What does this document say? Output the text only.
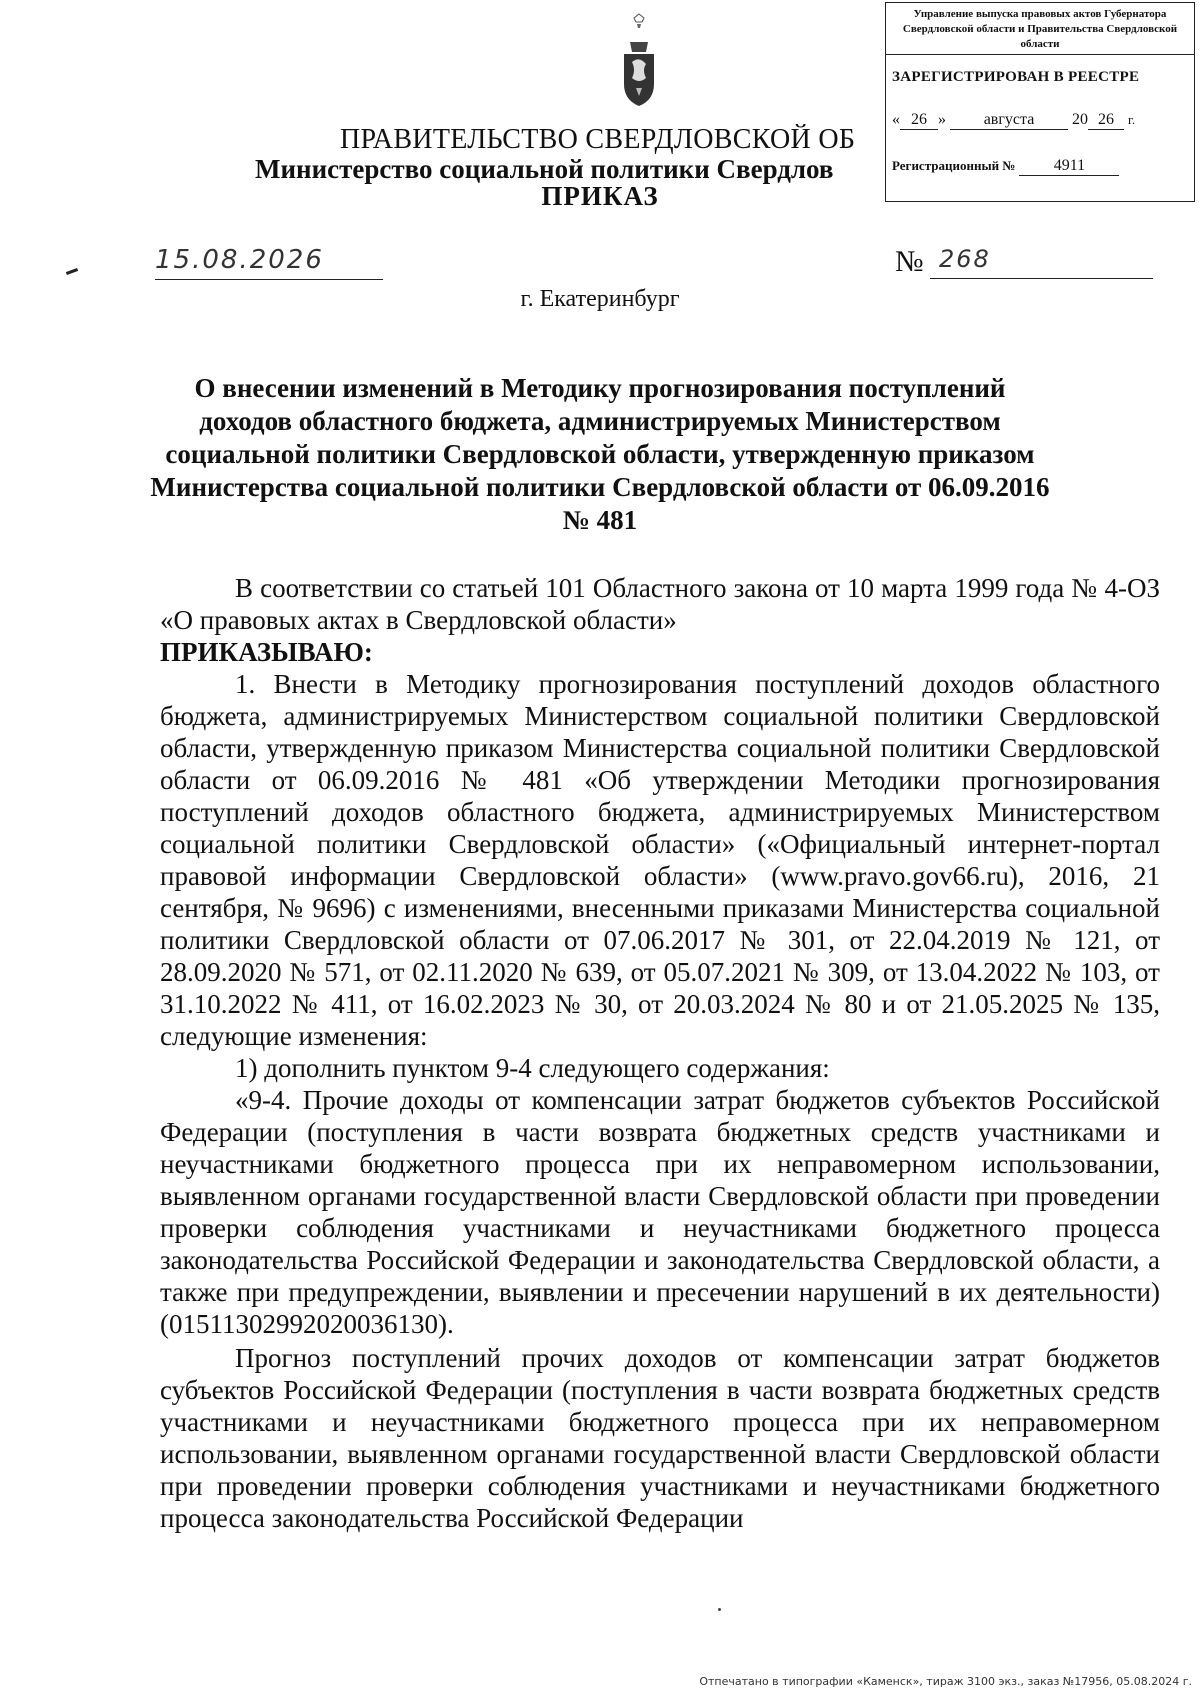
Управление выпуска правовых актов Губернатора Свердловской области и Правительства Свердловской области
ЗАРЕГИСТРИРОВАН В РЕЕСТРЕ
« 26 » августа 20 26 г.
Регистрационный № 4911
ПРАВИТЕЛЬСТВО СВЕРДЛОВСКОЙ ОБ
Министерство социальной политики Свердлов
ПРИКАЗ
15.08.2026	№ 268
г. Екатеринбург
О внесении изменений в Методику прогнозирования поступлений доходов областного бюджета, администрируемых Министерством социальной политики Свердловской области, утвержденную приказом Министерства социальной политики Свердловской области от 06.09.2016 № 481

В соответствии со статьей 101 Областного закона от 10 марта 1999 года № 4-ОЗ «О правовых актах в Свердловской области»

ПРИКАЗЫВАЮ:

1. Внести в Методику прогнозирования поступлений доходов областного бюджета, администрируемых Министерством социальной политики Свердловской области, утвержденную приказом Министерства социальной политики Свердловской области от 06.09.2016 № 481 «Об утверждении Методики прогнозирования поступлений доходов областного бюджета, администрируемых Министерством социальной политики Свердловской области» («Официальный интернет-портал правовой информации Свердловской области» (www.pravo.gov66.ru), 2016, 21 сентября, № 9696) с изменениями, внесенными приказами Министерства социальной политики Свердловской области от 07.06.2017 № 301, от 22.04.2019 № 121, от 28.09.2020 № 571, от 02.11.2020 № 639, от 05.07.2021 № 309, от 13.04.2022 № 103, от 31.10.2022 № 411, от 16.02.2023 № 30, от 20.03.2024 № 80 и от 21.05.2025 № 135, следующие изменения:

1) дополнить пунктом 9-4 следующего содержания:

«9-4. Прочие доходы от компенсации затрат бюджетов субъектов Российской Федерации (поступления в части возврата бюджетных средств участниками и неучастниками бюджетного процесса при их неправомерном использовании, выявленном органами государственной власти Свердловской области при проведении проверки соблюдения участниками и неучастниками бюджетного процесса законодательства Российской Федерации и законодательства Свердловской области, а также при предупреждении, выявлении и пресечении нарушений в их деятельности) (01511302992020036130).

Прогноз поступлений прочих доходов от компенсации затрат бюджетов субъектов Российской Федерации (поступления в части возврата бюджетных средств участниками и неучастниками бюджетного процесса при их неправомерном использовании, выявленном органами государственной власти Свердловской области при проведении проверки соблюдения участниками и неучастниками бюджетного процесса законодательства Российской Федерации

Отпечатано в типографии «Каменск», тираж 3100 экз., заказ №17956, 05.08.2024 г.
